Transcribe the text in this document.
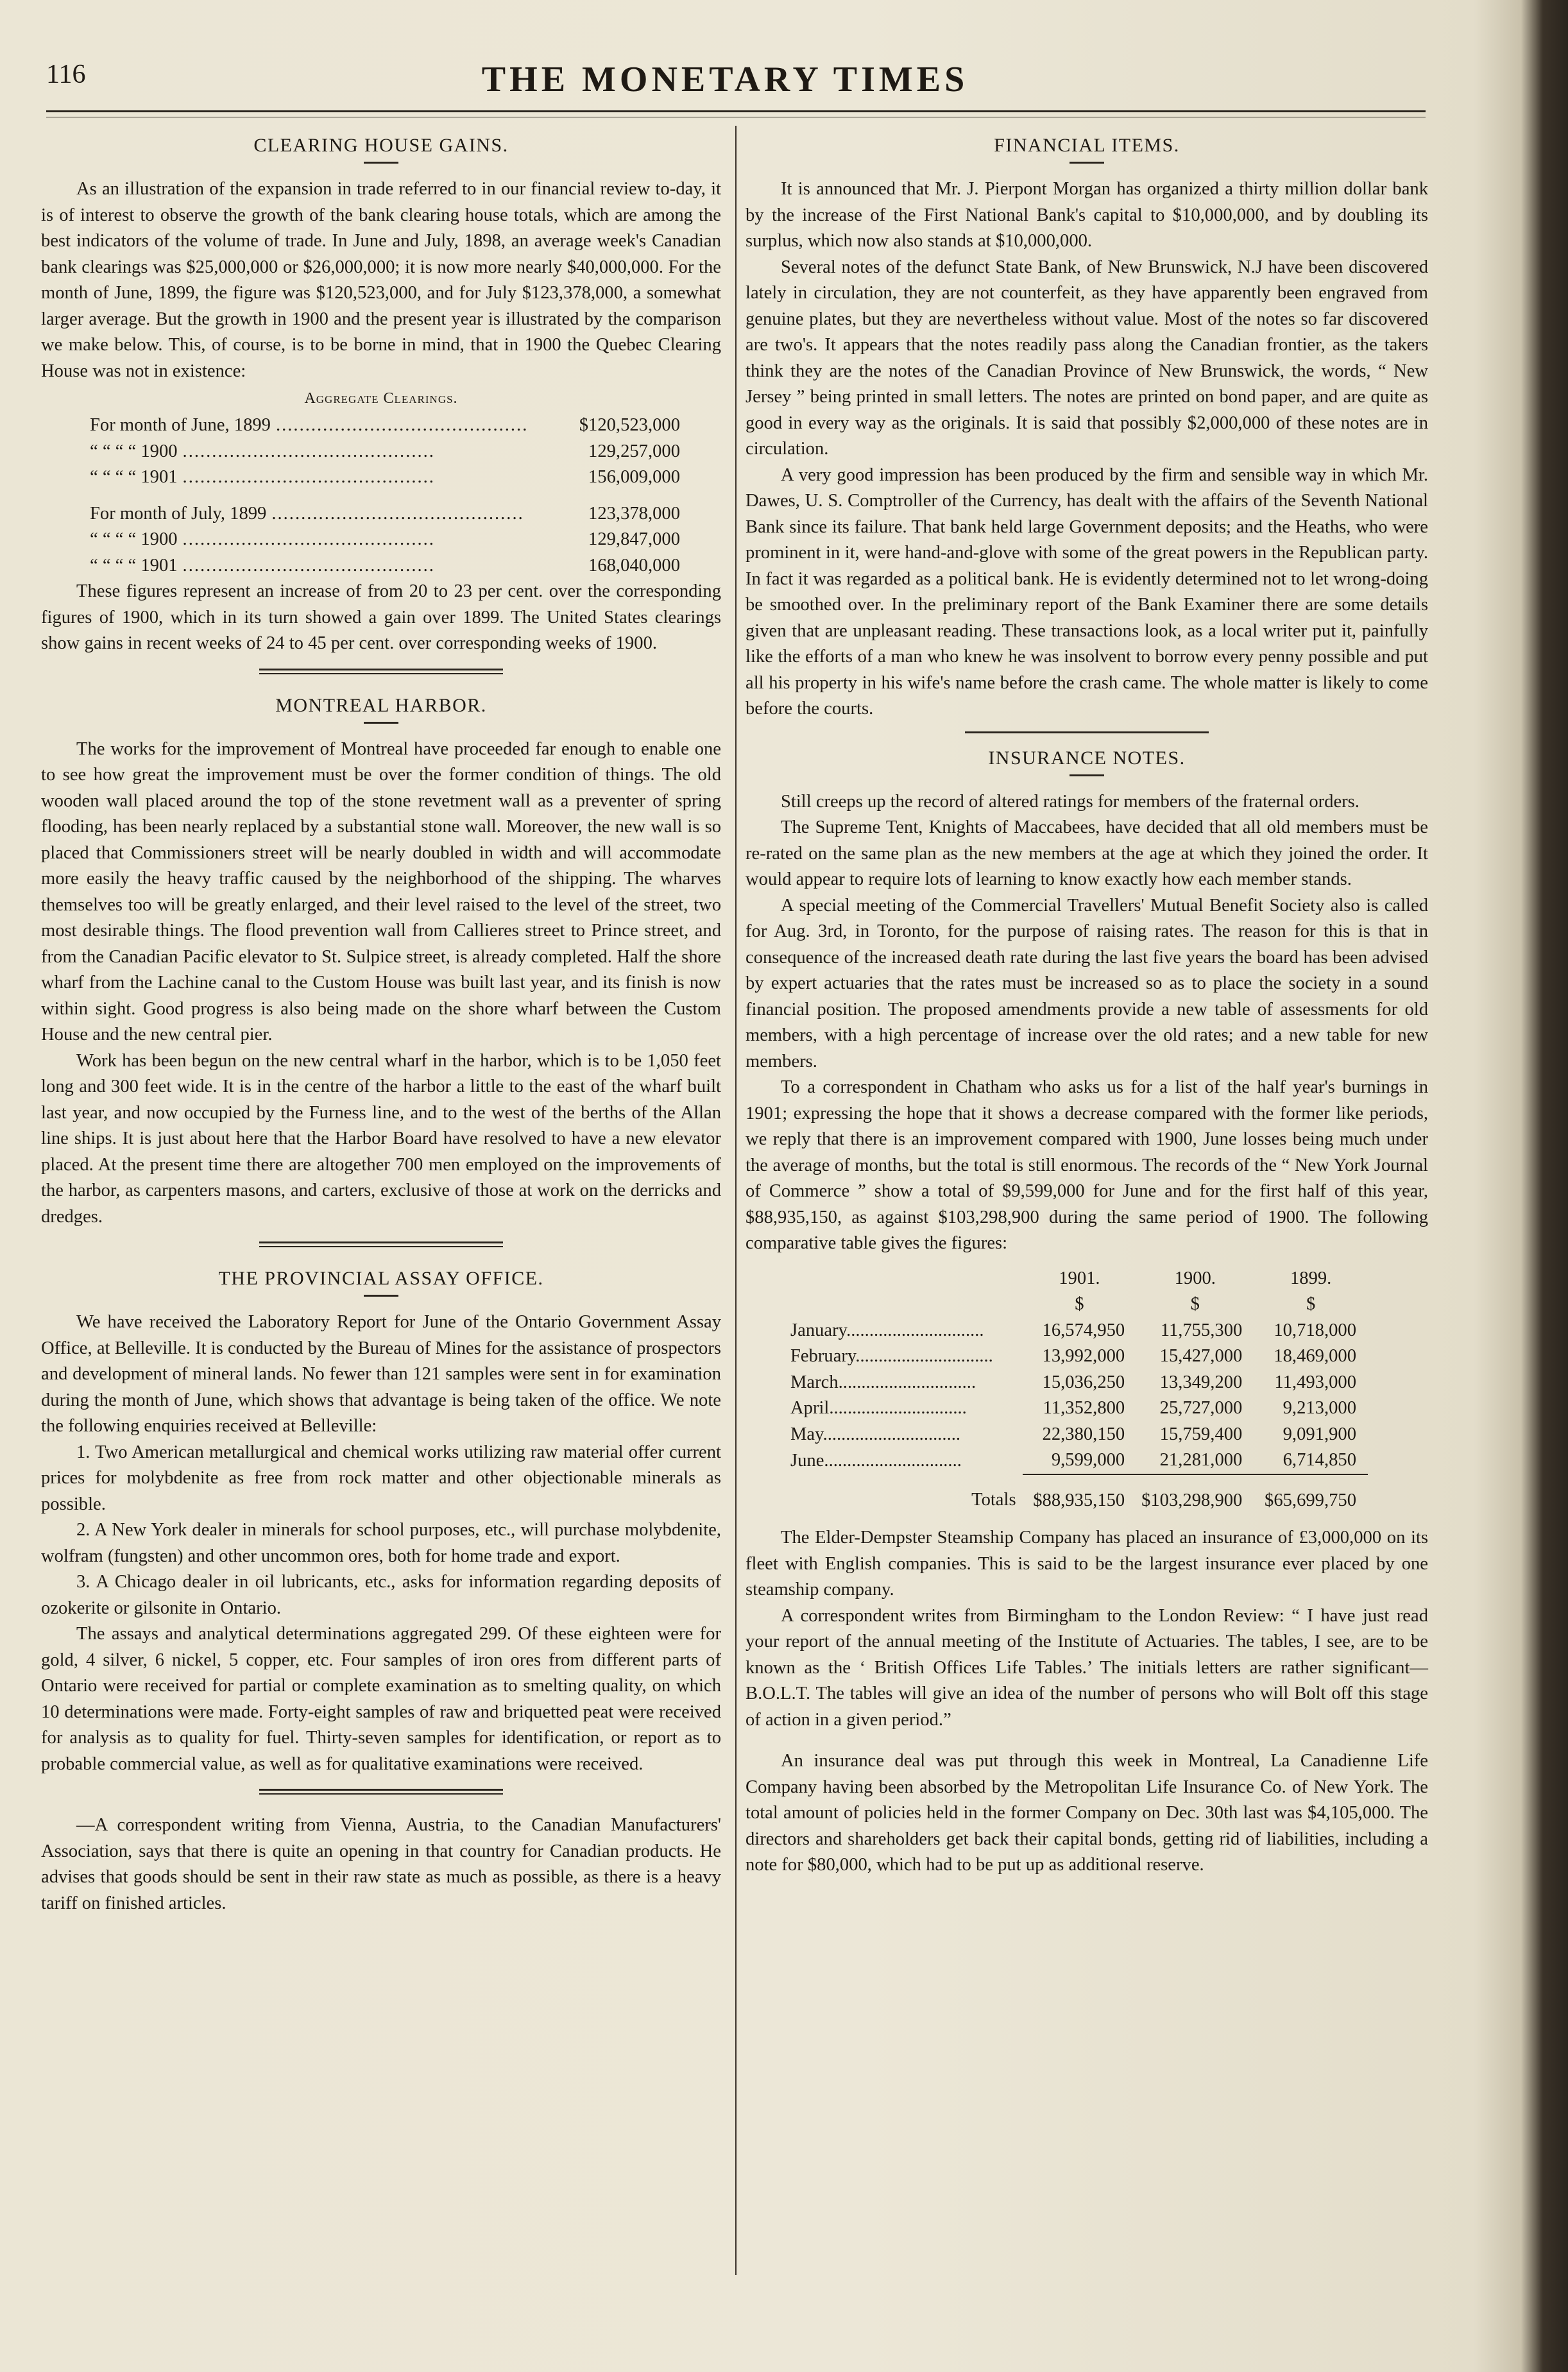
116	THE MONETARY TIMES
CLEARING HOUSE GAINS.

As an illustration of the expansion in trade referred to in our financial review to-day, it is of interest to observe the growth of the bank clearing house totals, which are among the best indicators of the volume of trade. In June and July, 1898, an average week's Canadian bank clearings was $25,000,000 or $26,000,000; it is now more nearly $40,000,000. For the month of June, 1899, the figure was $120,523,000, and for July $123,378,000, a somewhat larger average. But the growth in 1900 and the present year is illustrated by the comparison we make below. This, of course, is to be borne in mind, that in 1900 the Quebec Clearing House was not in existence:

Aggregate Clearings.
For month of June, 1899 ...........................................	$120,523,000
“ “ “ “ 1900 ...........................................	129,257,000
“ “ “ “ 1901 ...........................................	156,009,000
For month of July, 1899 ...........................................	123,378,000
“ “ “ “ 1900 ...........................................	129,847,000
“ “ “ “ 1901 ...........................................	168,040,000

These figures represent an increase of from 20 to 23 per cent. over the corresponding figures of 1900, which in its turn showed a gain over 1899. The United States clearings show gains in recent weeks of 24 to 45 per cent. over corresponding weeks of 1900.

MONTREAL HARBOR.

The works for the improvement of Montreal have proceeded far enough to enable one to see how great the improvement must be over the former condition of things. The old wooden wall placed around the top of the stone revetment wall as a preventer of spring flooding, has been nearly replaced by a substantial stone wall. Moreover, the new wall is so placed that Commissioners street will be nearly doubled in width and will accommodate more easily the heavy traffic caused by the neighborhood of the shipping. The wharves themselves too will be greatly enlarged, and their level raised to the level of the street, two most desirable things. The flood prevention wall from Callieres street to Prince street, and from the Canadian Pacific elevator to St. Sulpice street, is already completed. Half the shore wharf from the Lachine canal to the Custom House was built last year, and its finish is now within sight. Good progress is also being made on the shore wharf between the Custom House and the new central pier.

Work has been begun on the new central wharf in the harbor, which is to be 1,050 feet long and 300 feet wide. It is in the centre of the harbor a little to the east of the wharf built last year, and now occupied by the Furness line, and to the west of the berths of the Allan line ships. It is just about here that the Harbor Board have resolved to have a new elevator placed. At the present time there are altogether 700 men employed on the improvements of the harbor, as carpenters masons, and carters, exclusive of those at work on the derricks and dredges.

THE PROVINCIAL ASSAY OFFICE.

We have received the Laboratory Report for June of the Ontario Government Assay Office, at Belleville. It is conducted by the Bureau of Mines for the assistance of prospectors and development of mineral lands. No fewer than 121 samples were sent in for examination during the month of June, which shows that advantage is being taken of the office. We note the following enquiries received at Belleville:

1. Two American metallurgical and chemical works utilizing raw material offer current prices for molybdenite as free from rock matter and other objectionable minerals as possible.

2. A New York dealer in minerals for school purposes, etc., will purchase molybdenite, wolfram (fungsten) and other uncommon ores, both for home trade and export.

3. A Chicago dealer in oil lubricants, etc., asks for information regarding deposits of ozokerite or gilsonite in Ontario.

The assays and analytical determinations aggregated 299. Of these eighteen were for gold, 4 silver, 6 nickel, 5 copper, etc. Four samples of iron ores from different parts of Ontario were received for partial or complete examination as to smelting quality, on which 10 determinations were made. Forty-eight samples of raw and briquetted peat were received for analysis as to quality for fuel. Thirty-seven samples for identification, or report as to probable commercial value, as well as for qualitative examinations were received.

—A correspondent writing from Vienna, Austria, to the Canadian Manufacturers' Association, says that there is quite an opening in that country for Canadian products. He advises that goods should be sent in their raw state as much as possible, as there is a heavy tariff on finished articles.

FINANCIAL ITEMS.

It is announced that Mr. J. Pierpont Morgan has organized a thirty million dollar bank by the increase of the First National Bank's capital to $10,000,000, and by doubling its surplus, which now also stands at $10,000,000.

Several notes of the defunct State Bank, of New Brunswick, N.J have been discovered lately in circulation, they are not counterfeit, as they have apparently been engraved from genuine plates, but they are nevertheless without value. Most of the notes so far discovered are two's. It appears that the notes readily pass along the Canadian frontier, as the takers think they are the notes of the Canadian Province of New Brunswick, the words, “ New Jersey ” being printed in small letters. The notes are printed on bond paper, and are quite as good in every way as the originals. It is said that possibly $2,000,000 of these notes are in circulation.

A very good impression has been produced by the firm and sensible way in which Mr. Dawes, U. S. Comptroller of the Currency, has dealt with the affairs of the Seventh National Bank since its failure. That bank held large Government deposits; and the Heaths, who were prominent in it, were hand-and-glove with some of the great powers in the Republican party. In fact it was regarded as a political bank. He is evidently determined not to let wrong-doing be smoothed over. In the preliminary report of the Bank Examiner there are some details given that are unpleasant reading. These transactions look, as a local writer put it, painfully like the efforts of a man who knew he was insolvent to borrow every penny possible and put all his property in his wife's name before the crash came. The whole matter is likely to come before the courts.

INSURANCE NOTES.

Still creeps up the record of altered ratings for members of the fraternal orders.

The Supreme Tent, Knights of Maccabees, have decided that all old members must be re-rated on the same plan as the new members at the age at which they joined the order. It would appear to require lots of learning to know exactly how each member stands.

A special meeting of the Commercial Travellers' Mutual Benefit Society also is called for Aug. 3rd, in Toronto, for the purpose of raising rates. The reason for this is that in consequence of the increased death rate during the last five years the board has been advised by expert actuaries that the rates must be increased so as to place the society in a sound financial position. The proposed amendments provide a new table of assessments for old members, with a high percentage of increase over the old rates; and a new table for new members.

To a correspondent in Chatham who asks us for a list of the half year's burnings in 1901; expressing the hope that it shows a decrease compared with the former like periods, we reply that there is an improvement compared with 1900, June losses being much under the average of months, but the total is still enormous. The records of the “ New York Journal of Commerce ” show a total of $9,599,000 for June and for the first half of this year, $88,935,150, as against $103,298,900 during the same period of 1900. The following comparative table gives the figures:

	1901.	1900.	1899.
	$	$	$
January..............................	16,574,950	11,755,300	10,718,000
February..............................	13,992,000	15,427,000	18,469,000
March..............................	15,036,250	13,349,200	11,493,000
April..............................	11,352,800	25,727,000	9,213,000
May..............................	22,380,150	15,759,400	9,091,900
June..............................	9,599,000	21,281,000	6,714,850
Totals	$88,935,150	$103,298,900	$65,699,750

The Elder-Dempster Steamship Company has placed an insurance of £3,000,000 on its fleet with English companies. This is said to be the largest insurance ever placed by one steamship company.

A correspondent writes from Birmingham to the London Review: “ I have just read your report of the annual meeting of the Institute of Actuaries. The tables, I see, are to be known as the ‘ British Offices Life Tables.’ The initials letters are rather significant—B.O.L.T. The tables will give an idea of the number of persons who will Bolt off this stage of action in a given period.”

An insurance deal was put through this week in Montreal, La Canadienne Life Company having been absorbed by the Metropolitan Life Insurance Co. of New York. The total amount of policies held in the former Company on Dec. 30th last was $4,105,000. The directors and shareholders get back their capital bonds, getting rid of liabilities, including a note for $80,000, which had to be put up as additional reserve.
